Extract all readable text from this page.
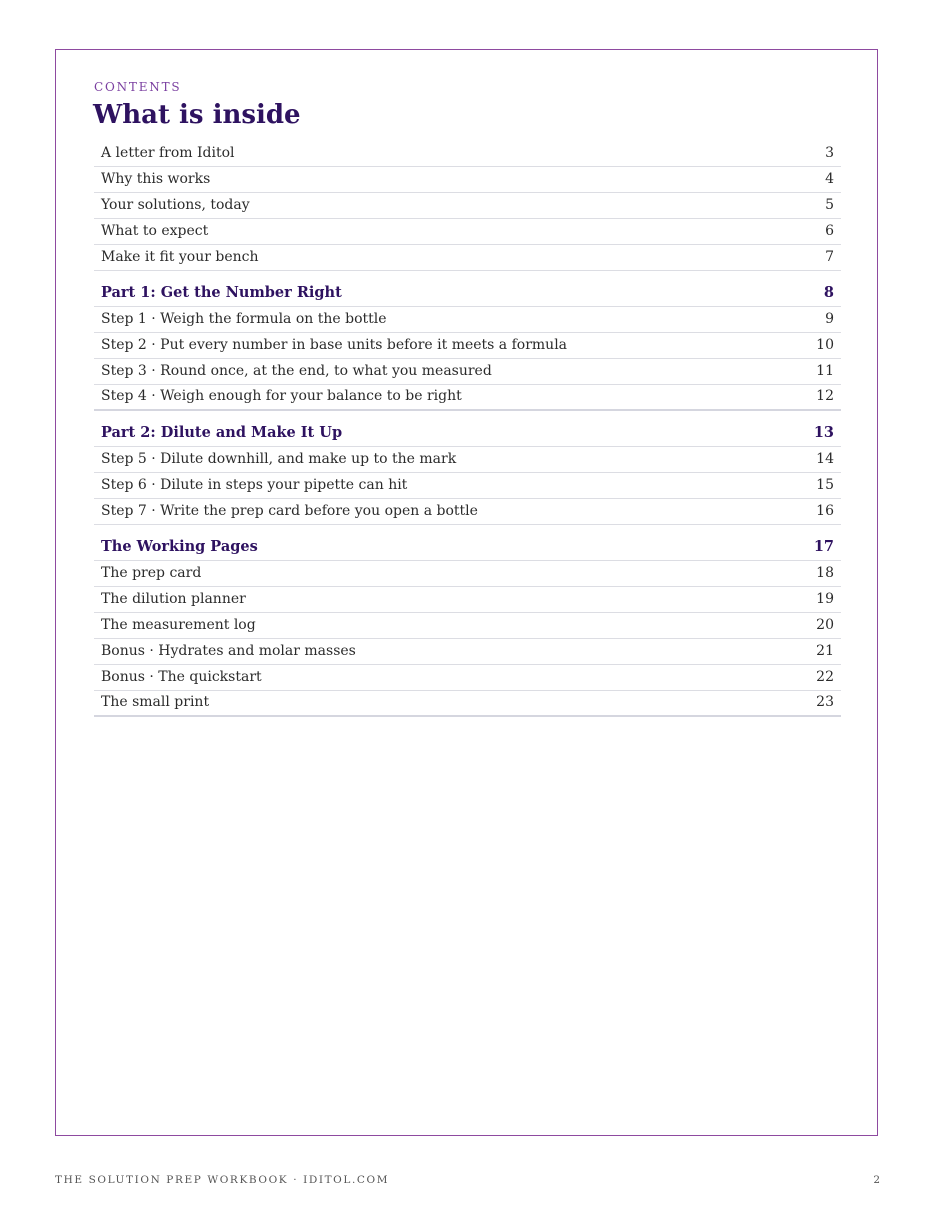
CONTENTS
What is inside
A letter from Iditol	3
Why this works	4
Your solutions, today	5
What to expect	6
Make it fit your bench	7
Part 1: Get the Number Right	8
Step 1 · Weigh the formula on the bottle	9
Step 2 · Put every number in base units before it meets a formula	10
Step 3 · Round once, at the end, to what you measured	11
Step 4 · Weigh enough for your balance to be right	12
Part 2: Dilute and Make It Up	13
Step 5 · Dilute downhill, and make up to the mark	14
Step 6 · Dilute in steps your pipette can hit	15
Step 7 · Write the prep card before you open a bottle	16
The Working Pages	17
The prep card	18
The dilution planner	19
The measurement log	20
Bonus · Hydrates and molar masses	21
Bonus · The quickstart	22
The small print	23
THE SOLUTION PREP WORKBOOK · IDITOL.COM	2
